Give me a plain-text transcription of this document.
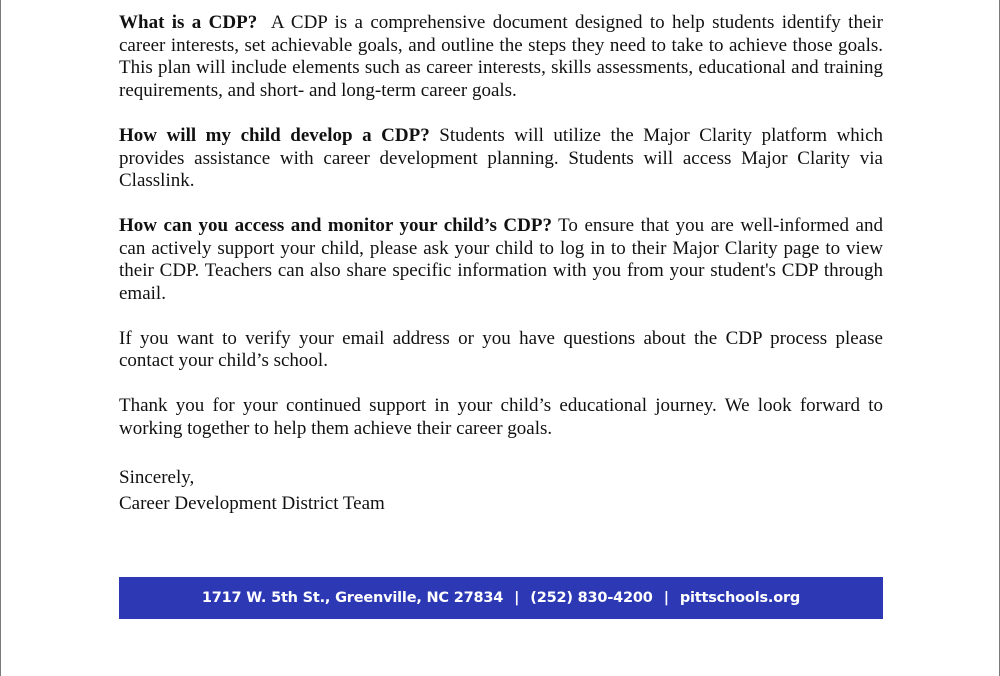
What is a CDP? A CDP is a comprehensive document designed to help students identify their career interests, set achievable goals, and outline the steps they need to take to achieve those goals. This plan will include elements such as career interests, skills assessments, educational and training requirements, and short- and long-term career goals.

How will my child develop a CDP? Students will utilize the Major Clarity platform which provides assistance with career development planning. Students will access Major Clarity via Classlink.

How can you access and monitor your child’s CDP? To ensure that you are well-informed and can actively support your child, please ask your child to log in to their Major Clarity page to view their CDP. Teachers can also share specific information with you from your student's CDP through email.

If you want to verify your email address or you have questions about the CDP process please contact your child’s school.

Thank you for your continued support in your child’s educational journey. We look forward to working together to help them achieve their career goals.

Sincerely,
Career Development District Team
1717 W. 5th St., Greenville, NC 27834 | (252) 830-4200 | pittschools.org
